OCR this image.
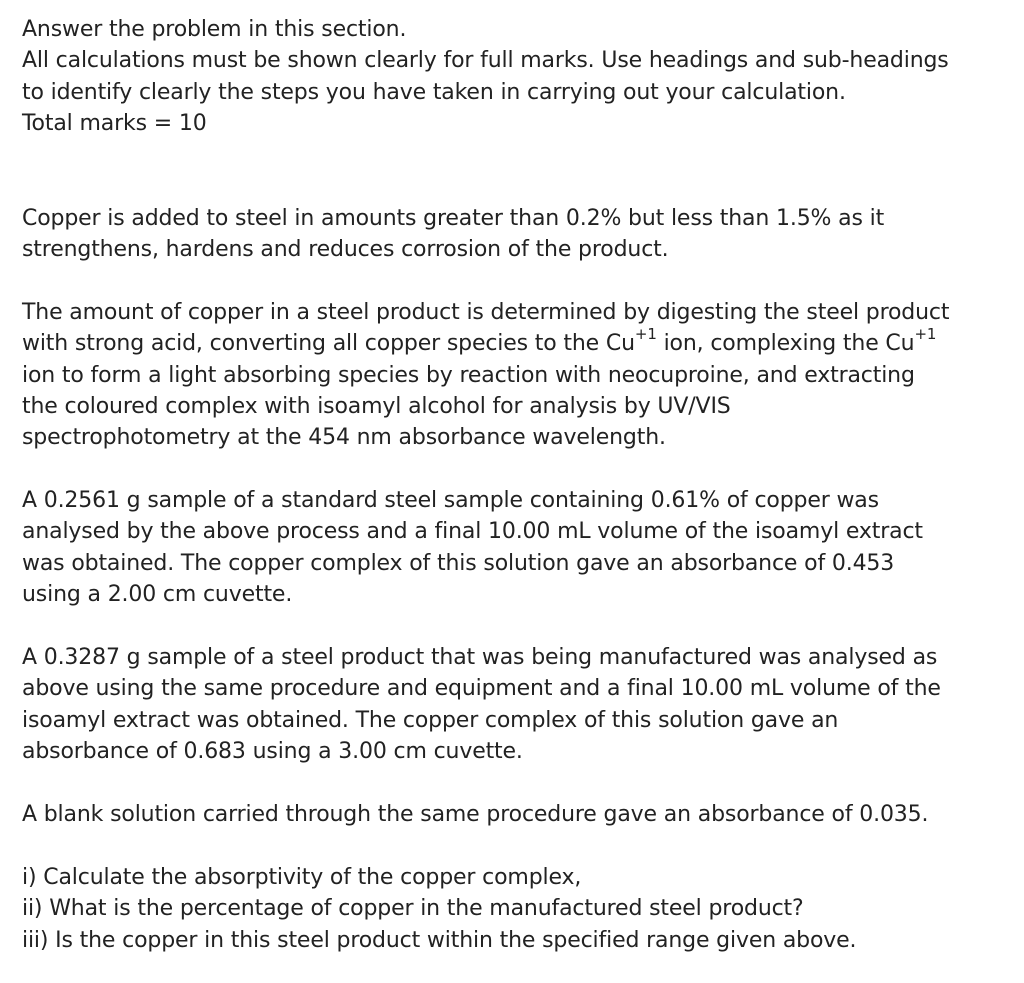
Answer the problem in this section.
All calculations must be shown clearly for full marks. Use headings and sub-headings
to identify clearly the steps you have taken in carrying out your calculation.
Total marks = 10
Copper is added to steel in amounts greater than 0.2% but less than 1.5% as it
strengthens, hardens and reduces corrosion of the product.
The amount of copper in a steel product is determined by digesting the steel product
with strong acid, converting all copper species to the $Cu^{+1}$ ion, complexing the $Cu^{+1}$
ion to form a light absorbing species by reaction with neocuproine, and extracting
the coloured complex with isoamyl alcohol for analysis by UV/VIS
spectrophotometry at the 454 nm absorbance wavelength.
A 0.2561 g sample of a standard steel sample containing 0.61% of copper was
analysed by the above process and a final 10.00 mL volume of the isoamyl extract
was obtained. The copper complex of this solution gave an absorbance of 0.453
using a 2.00 cm cuvette.
A 0.3287 g sample of a steel product that was being manufactured was analysed as
above using the same procedure and equipment and a final 10.00 mL volume of the
isoamyl extract was obtained. The copper complex of this solution gave an
absorbance of 0.683 using a 3.00 cm cuvette.
A blank solution carried through the same procedure gave an absorbance of 0.035.
i) Calculate the absorptivity of the copper complex,
ii) What is the percentage of copper in the manufactured steel product?
iii) Is the copper in this steel product within the specified range given above.
